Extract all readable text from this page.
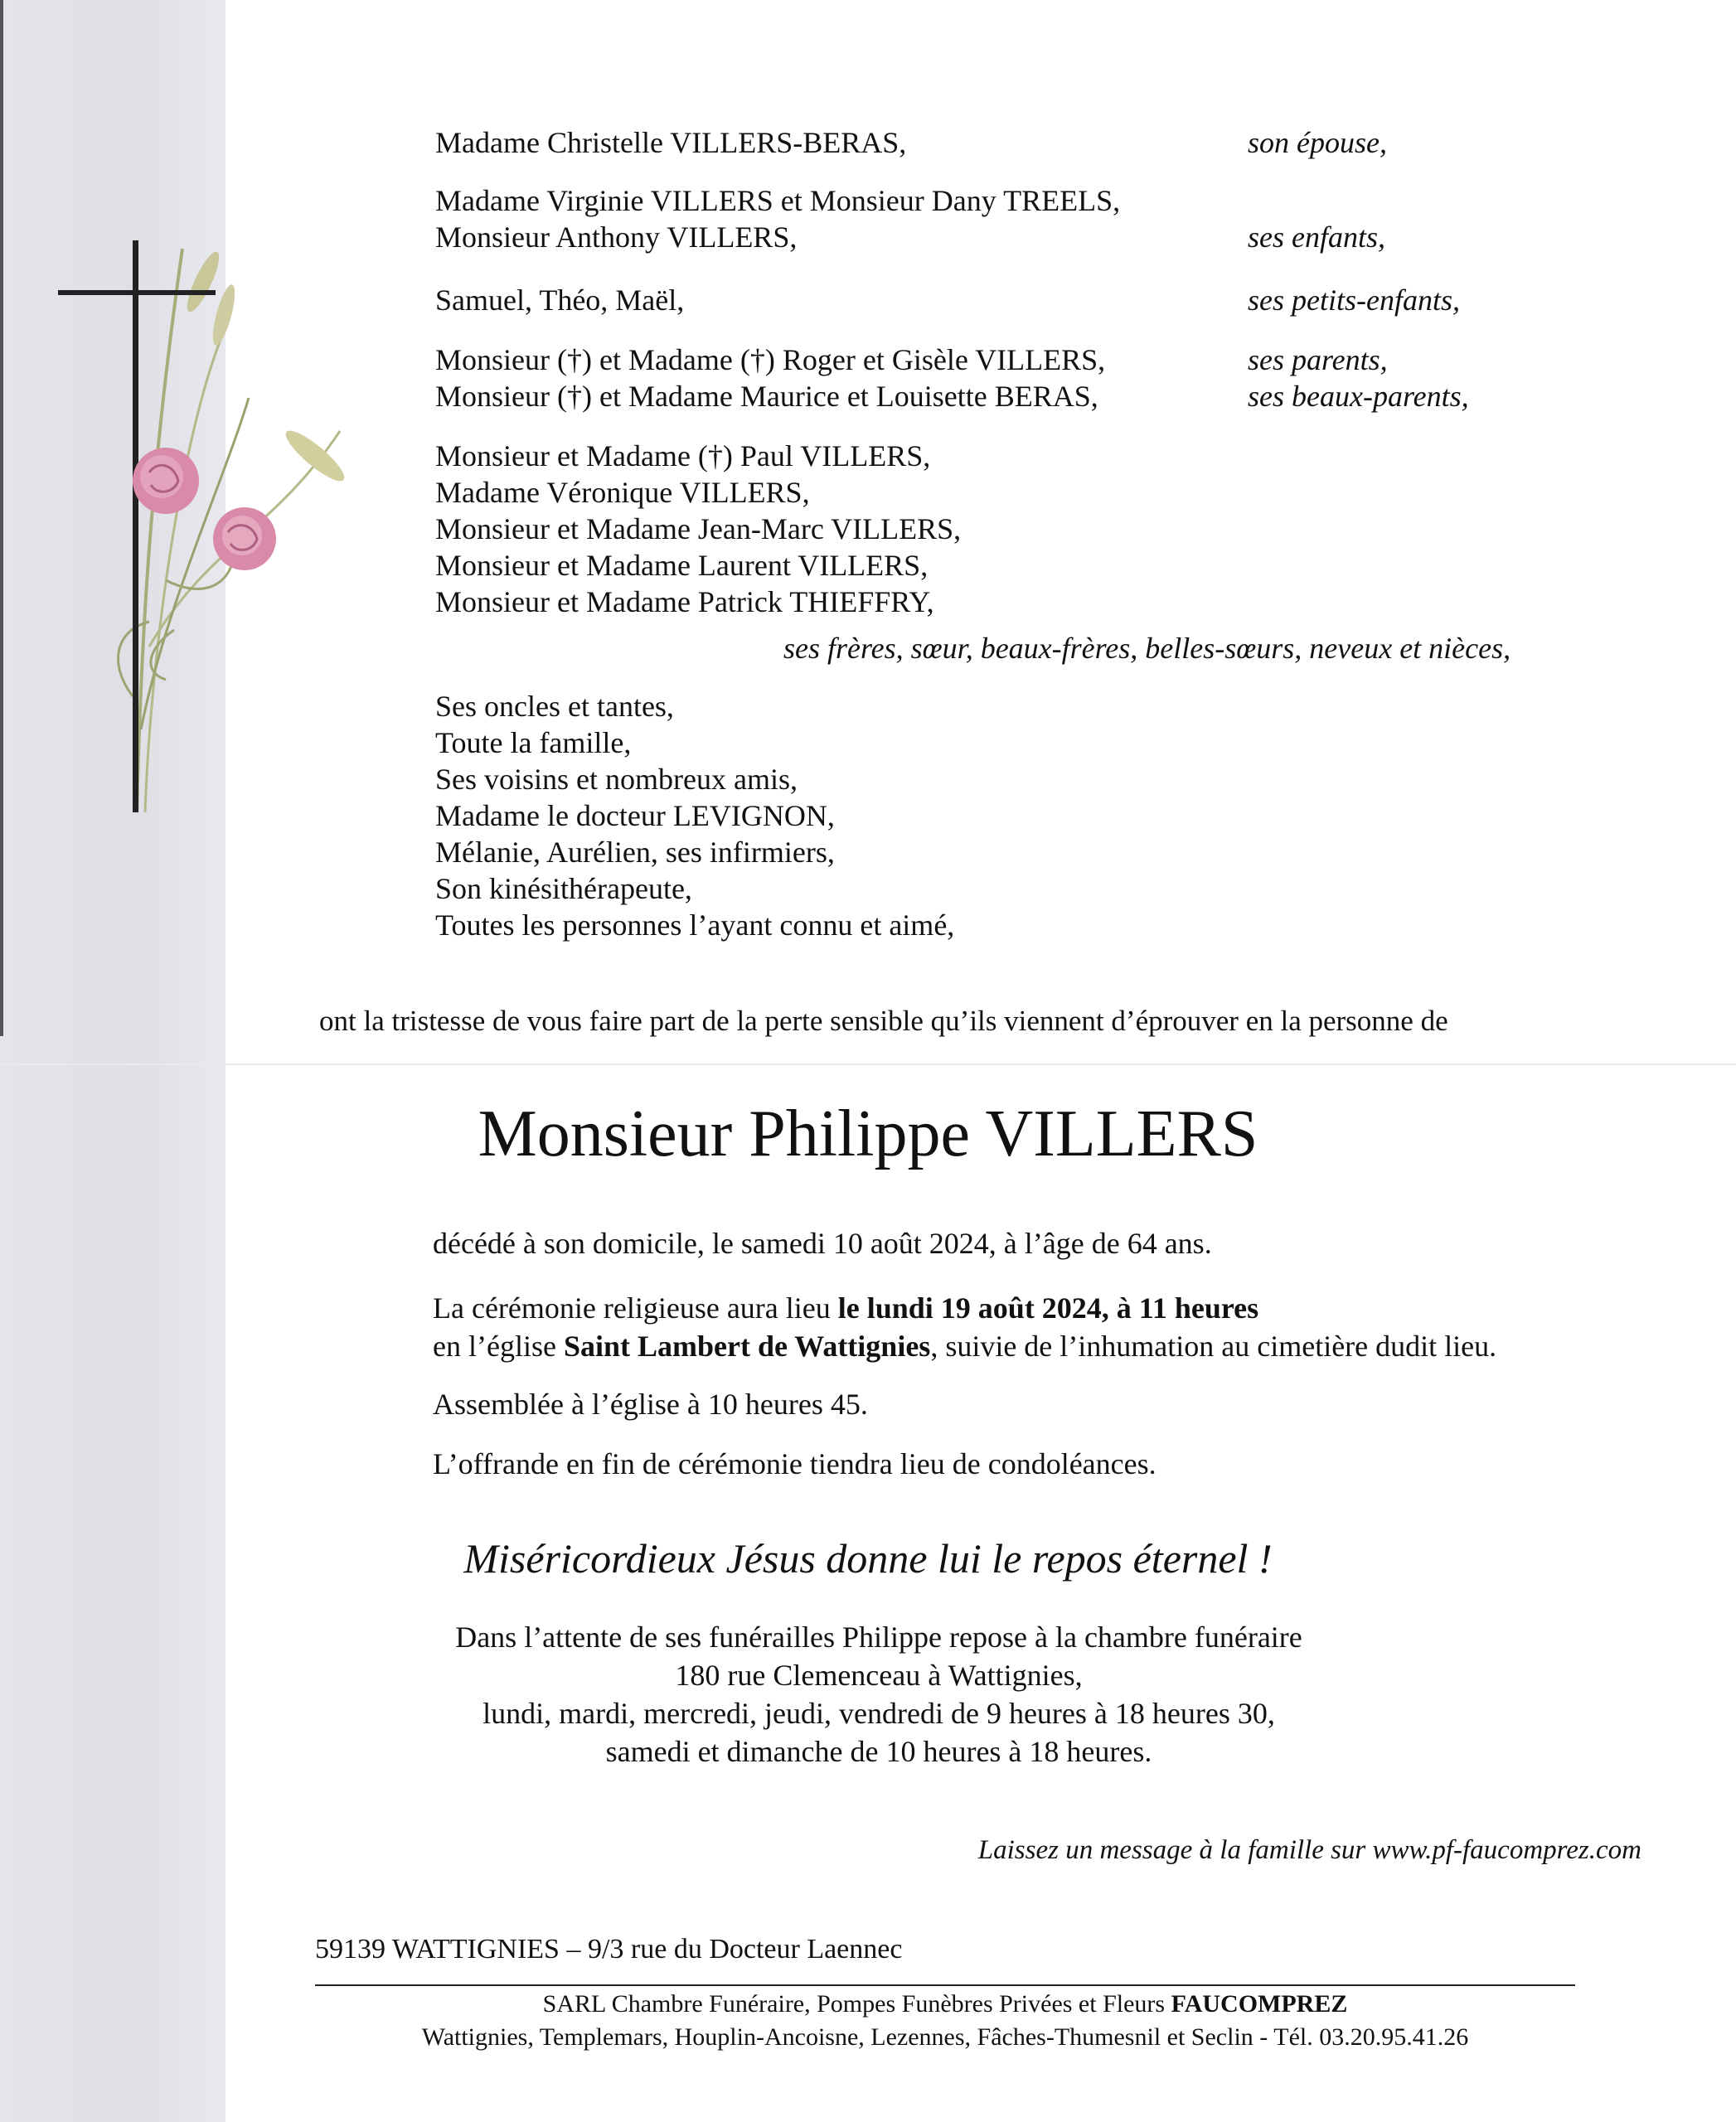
Madame Christelle VILLERS-BERAS,	son épouse,
Madame Virginie VILLERS et Monsieur Dany TREELS,
Monsieur Anthony VILLERS,	ses enfants,
Samuel, Théo, Maël,	ses petits-enfants,
Monsieur (†) et Madame (†) Roger et Gisèle VILLERS,	ses parents,
Monsieur (†) et Madame Maurice et Louisette BERAS,	ses beaux-parents,
Monsieur et Madame (†) Paul VILLERS,
Madame Véronique VILLERS,
Monsieur et Madame Jean-Marc VILLERS,
Monsieur et Madame Laurent VILLERS,
Monsieur et Madame Patrick THIEFFRY,
ses frères, sœur, beaux-frères, belles-sœurs, neveux et nièces,
Ses oncles et tantes,
Toute la famille,
Ses voisins et nombreux amis,
Madame le docteur LEVIGNON,
Mélanie, Aurélien, ses infirmiers,
Son kinésithérapeute,
Toutes les personnes l’ayant connu et aimé,
ont la tristesse de vous faire part de la perte sensible qu’ils viennent d’éprouver en la personne de
Monsieur Philippe VILLERS
décédé à son domicile, le samedi 10 août 2024, à l’âge de 64 ans.
La cérémonie religieuse aura lieu le lundi 19 août 2024, à 11 heures
en l’église Saint Lambert de Wattignies, suivie de l’inhumation au cimetière dudit lieu.
Assemblée à l’église à 10 heures 45.
L’offrande en fin de cérémonie tiendra lieu de condoléances.
Miséricordieux Jésus donne lui le repos éternel !
Dans l’attente de ses funérailles Philippe repose à la chambre funéraire
180 rue Clemenceau à Wattignies,
lundi, mardi, mercredi, jeudi, vendredi de 9 heures à 18 heures 30,
samedi et dimanche de 10 heures à 18 heures.
Laissez un message à la famille sur www.pf-faucomprez.com
59139 WATTIGNIES – 9/3 rue du Docteur Laennec
SARL Chambre Funéraire, Pompes Funèbres Privées et Fleurs FAUCOMPREZ
Wattignies, Templemars, Houplin-Ancoisne, Lezennes, Fâches-Thumesnil et Seclin - Tél. 03.20.95.41.26
